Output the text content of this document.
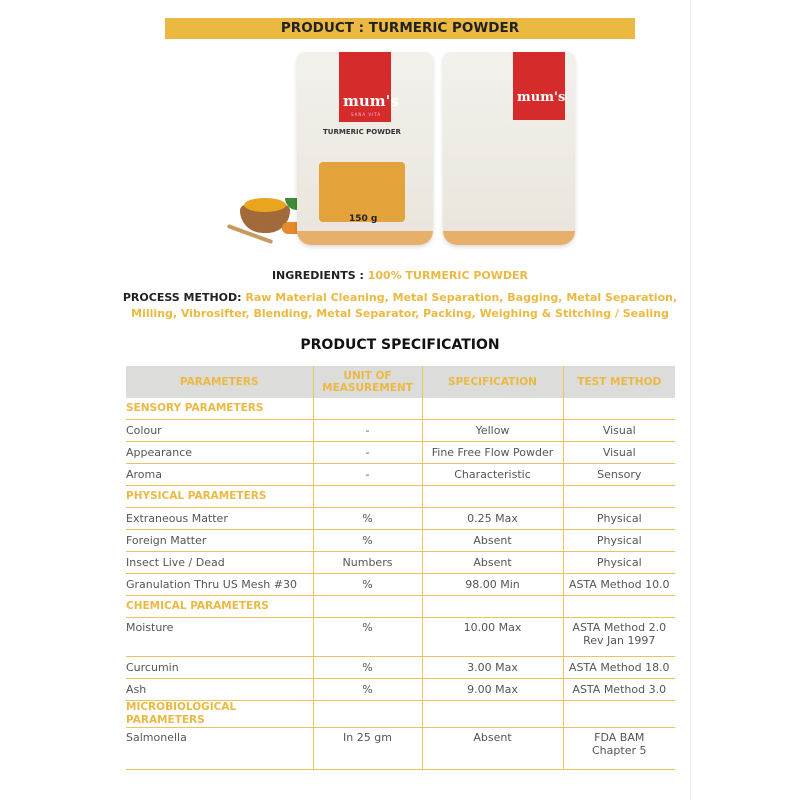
PRODUCT : TURMERIC POWDER
mum's
SANA VITA
TURMERIC POWDER
150 g
mum's
INGREDIENTS : 100% TURMERIC POWDER
PROCESS METHOD: Raw Material Cleaning, Metal Separation, Bagging, Metal Separation,
Milling, Vibrosifter, Blending, Metal Separator, Packing, Weighing & Stitching / Sealing
PRODUCT SPECIFICATION
PARAMETERS	UNIT OF MEASUREMENT	SPECIFICATION	TEST METHOD
SENSORY PARAMETERS			
Colour	-	Yellow	Visual
Appearance	-	Fine Free Flow Powder	Visual
Aroma	-	Characteristic	Sensory
PHYSICAL PARAMETERS			
Extraneous Matter	%	0.25 Max	Physical
Foreign Matter	%	Absent	Physical
Insect Live / Dead	Numbers	Absent	Physical
Granulation Thru US Mesh #30	%	98.00 Min	ASTA Method 10.0
CHEMICAL PARAMETERS			
Moisture	%	10.00 Max	ASTA Method 2.0
Rev Jan 1997
Curcumin	%	3.00 Max	ASTA Method 18.0
Ash	%	9.00 Max	ASTA Method 3.0
MICROBIOLOGICAL PARAMETERS			
Salmonella	In 25 gm	Absent	FDA BAM
Chapter 5
